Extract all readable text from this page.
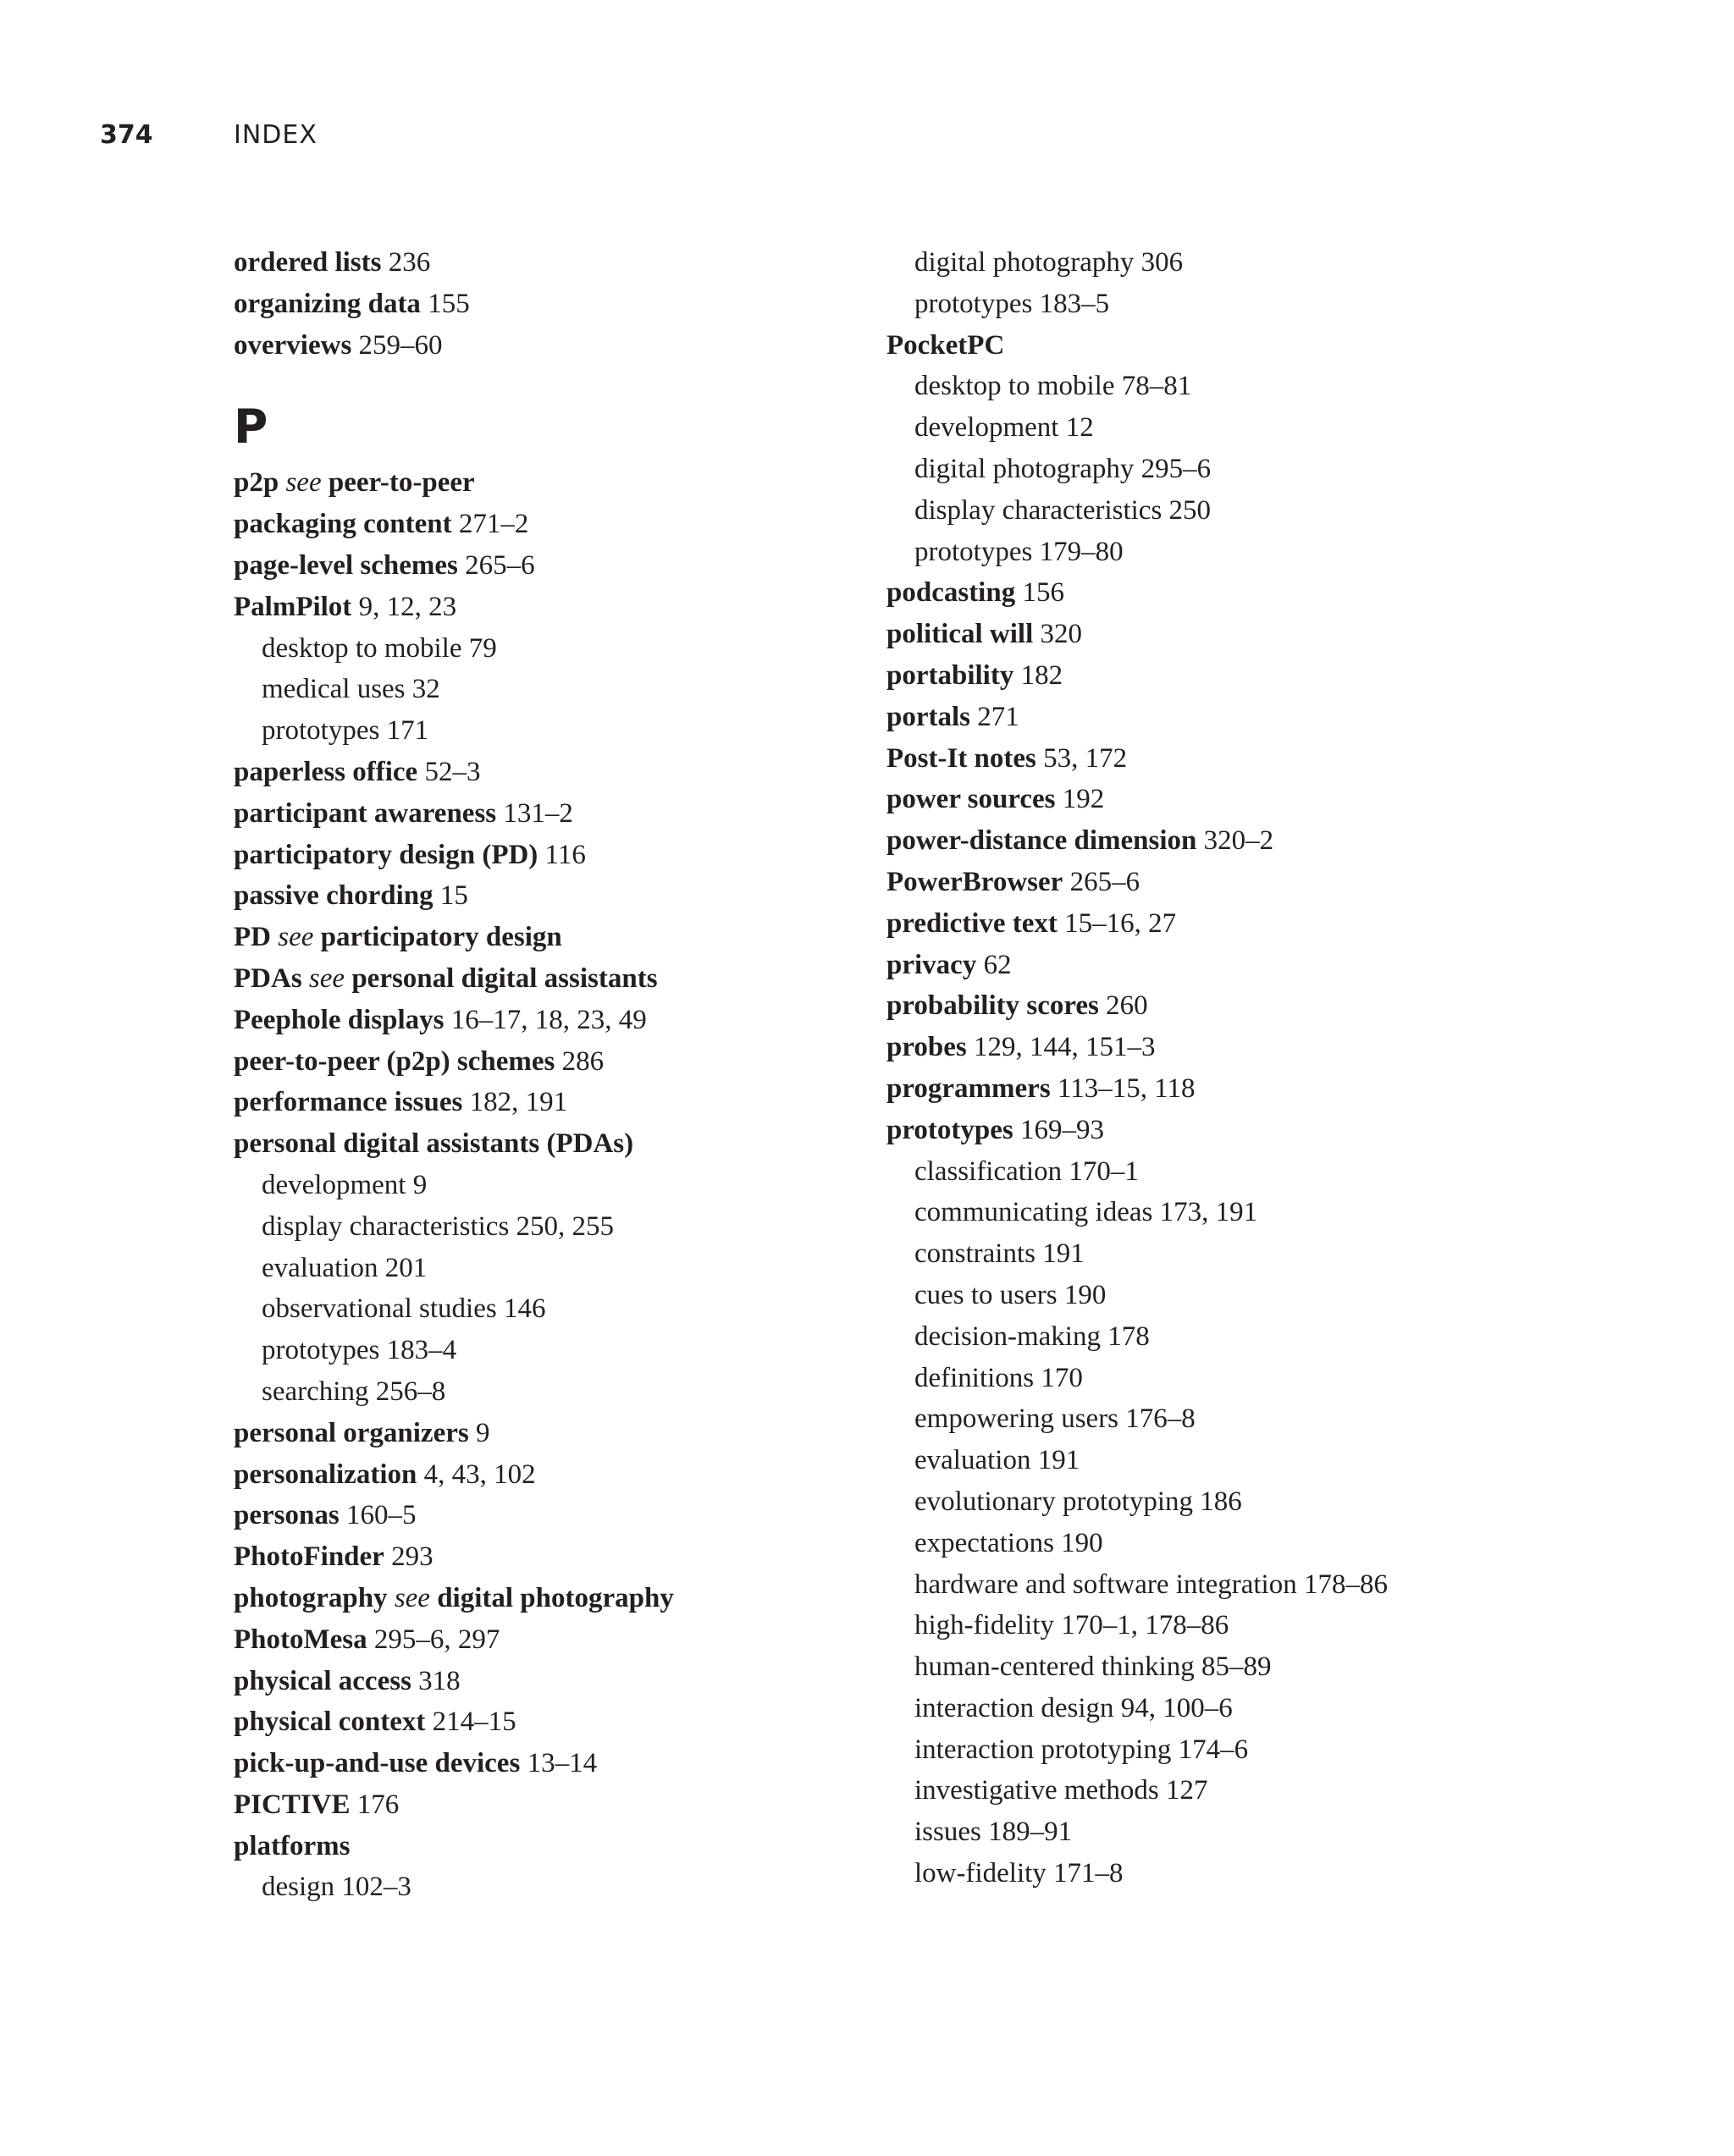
374	INDEX
ordered lists 236
organizing data 155
overviews 259–60
P
p2p see peer-to-peer
packaging content 271–2
page-level schemes 265–6
PalmPilot 9, 12, 23
desktop to mobile 79
medical uses 32
prototypes 171
paperless office 52–3
participant awareness 131–2
participatory design (PD) 116
passive chording 15
PD see participatory design
PDAs see personal digital assistants
Peephole displays 16–17, 18, 23, 49
peer-to-peer (p2p) schemes 286
performance issues 182, 191
personal digital assistants (PDAs)
development 9
display characteristics 250, 255
evaluation 201
observational studies 146
prototypes 183–4
searching 256–8
personal organizers 9
personalization 4, 43, 102
personas 160–5
PhotoFinder 293
photography see digital photography
PhotoMesa 295–6, 297
physical access 318
physical context 214–15
pick-up-and-use devices 13–14
PICTIVE 176
platforms
design 102–3
digital photography 306
prototypes 183–5
PocketPC
desktop to mobile 78–81
development 12
digital photography 295–6
display characteristics 250
prototypes 179–80
podcasting 156
political will 320
portability 182
portals 271
Post-It notes 53, 172
power sources 192
power-distance dimension 320–2
PowerBrowser 265–6
predictive text 15–16, 27
privacy 62
probability scores 260
probes 129, 144, 151–3
programmers 113–15, 118
prototypes 169–93
classification 170–1
communicating ideas 173, 191
constraints 191
cues to users 190
decision-making 178
definitions 170
empowering users 176–8
evaluation 191
evolutionary prototyping 186
expectations 190
hardware and software integration 178–86
high-fidelity 170–1, 178–86
human-centered thinking 85–89
interaction design 94, 100–6
interaction prototyping 174–6
investigative methods 127
issues 189–91
low-fidelity 171–8
